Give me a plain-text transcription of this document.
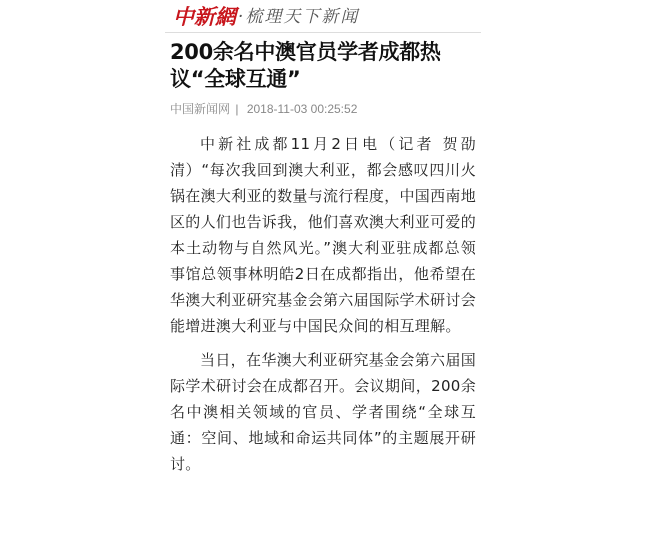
中新網 ·梳理天下新闻
200余名中澳官员学者成都热议“全球互通”
中国新闻网 | 2018-11-03 00:25:52

中新社成都11月2日电（记者 贺劭清）“每次我回到澳大利亚，都会感叹四川火锅在澳大利亚的数量与流行程度，中国西南地区的人们也告诉我，他们喜欢澳大利亚可爱的本土动物与自然风光。”澳大利亚驻成都总领事馆总领事林明皓2日在成都指出，他希望在华澳大利亚研究基金会第六届国际学术研讨会能增进澳大利亚与中国民众间的相互理解。

当日，在华澳大利亚研究基金会第六届国际学术研讨会在成都召开。会议期间，200余名中澳相关领域的官员、学者围绕“全球互通：空间、地域和命运共同体”的主题展开研讨。
